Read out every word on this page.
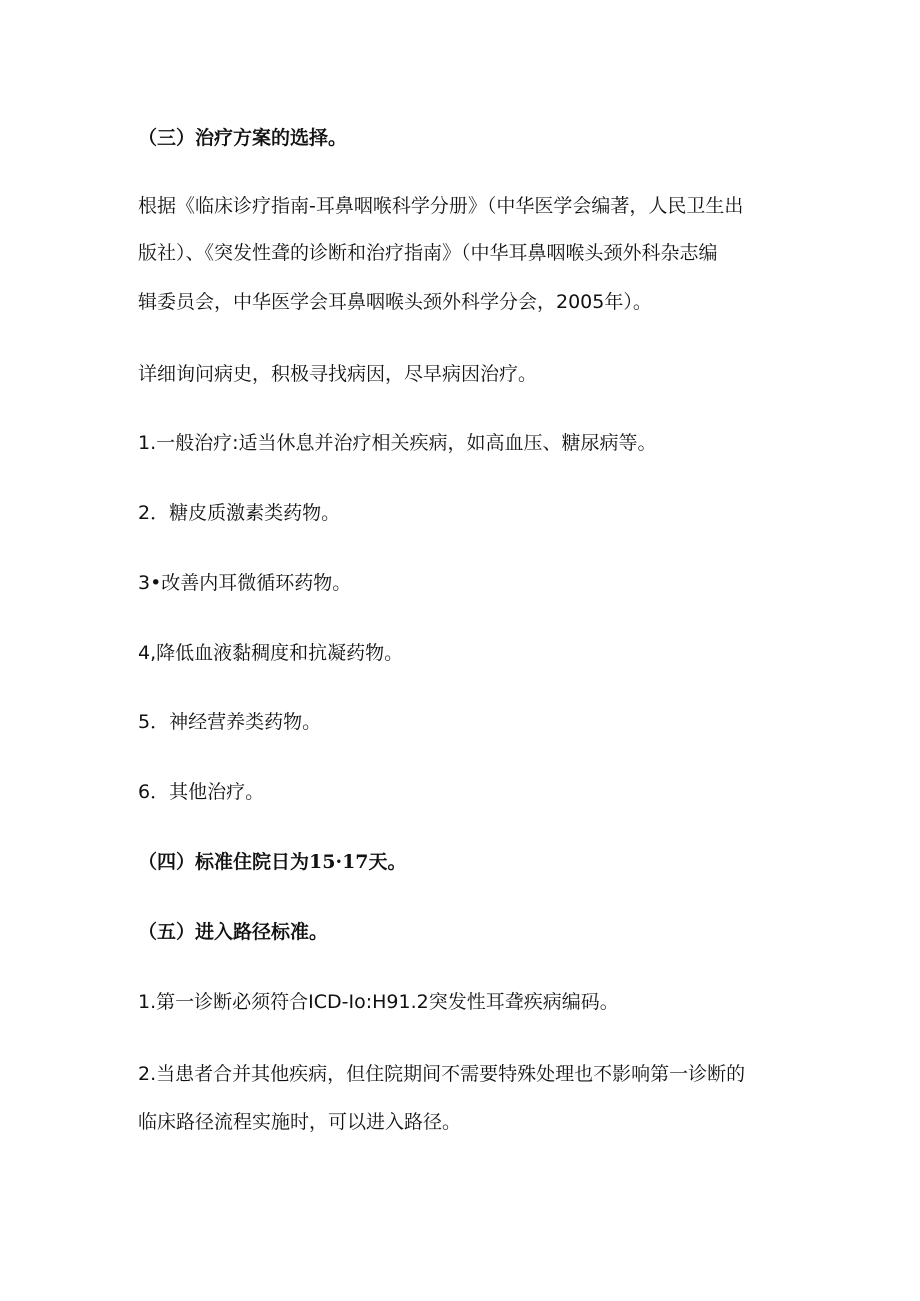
（三）治疗方案的选择。

根据《临床诊疗指南-耳鼻咽喉科学分册》（中华医学会编著，人民卫生出

版社）、《突发性聋的诊断和治疗指南》（中华耳鼻咽喉头颈外科杂志编

辑委员会，中华医学会耳鼻咽喉头颈外科学分会，2005年）。

详细询问病史，积极寻找病因，尽早病因治疗。

1.一般治疗:适当休息并治疗相关疾病，如高血压、糖尿病等。

2．糖皮质激素类药物。

3•改善内耳微循环药物。

4,降低血液黏稠度和抗凝药物。

5．神经营养类药物。

6．其他治疗。

（四）标准住院日为15·17天。

（五）进入路径标准。

1.第一诊断必须符合ICD-Io:H91.2突发性耳聋疾病编码。

2.当患者合并其他疾病，但住院期间不需要特殊处理也不影响第一诊断的

临床路径流程实施时，可以进入路径。
